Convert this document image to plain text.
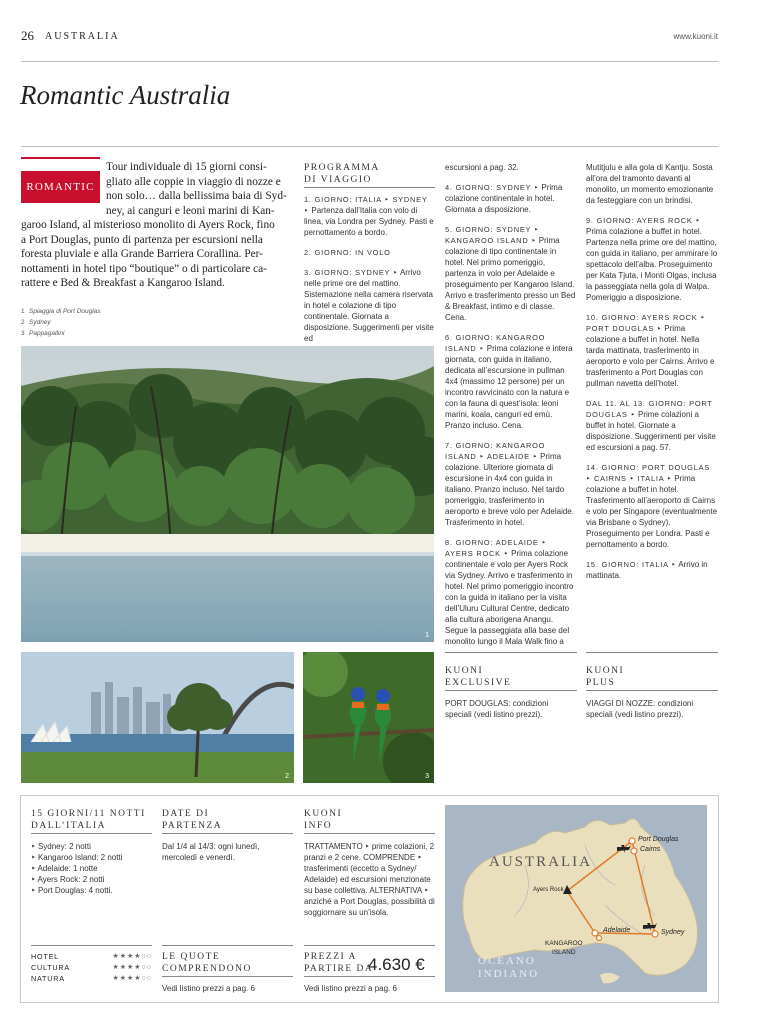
26 AUSTRALIA	www.kuoni.it
Romantic Australia
ROMANTIC
Tour individuale di 15 giorni consi-
gliato alle coppie in viaggio di nozze e
non solo… dalla bellissima baia di Syd-
ney, ai canguri e leoni marini di Kan-
garoo Island, al misterioso monolito di Ayers Rock, fino
a Port Douglas, punto di partenza per escursioni nella
foresta pluviale e alla Grande Barriera Corallina. Per-
nottamenti in hotel tipo “boutique” o di particolare ca-
rattere e Bed & Breakfast a Kangaroo Island.
1 Spiaggia di Port Douglas
2 Sydney
3 Pappagallini
1
2	3
PROGRAMMA
DI VIAGGIO

1. GIORNO: ITALIA ‣ SYDNEY ‣ Partenza dall’Italia con volo di linea, via Londra per Sydney. Pasti e pernottamento a bordo.

2. GIORNO: IN VOLO

3. GIORNO: SYDNEY ‣ Arrivo nelle prime ore del mattino. Sistemazione nella camera riservata in hotel e colazione di tipo continentale. Giornata a disposizione. Suggerimenti per visite ed

escursioni a pag. 32.

4. GIORNO: SYDNEY ‣ Prima colazione continentale in hotel. Giornata a disposizione.

5. GIORNO: SYDNEY ‣ KANGAROO ISLAND ‣ Prima colazione di tipo continentale in hotel. Nel primo pomeriggio, partenza in volo per Adelaide e proseguimento per Kangaroo Island. Arrivo e trasferimento presso un Bed & Breakfast, intimo e di classe. Cena.

6. GIORNO: KANGAROO ISLAND ‣ Prima colazione e intera giornata, con guida in italiano, dedicata all’escursione in pullman 4x4 (massimo 12 persone) per un incontro ravvicinato con la natura e con la fauna di quest’isola: leoni marini, koala, canguri ed emù. Pranzo incluso. Cena.

7. GIORNO: KANGAROO ISLAND ‣ ADELAIDE ‣ Prima colazione. Ulteriore giornata di escursione in 4x4 con guida in italiano. Pranzo incluso. Nel tardo pomeriggio, trasferimento in aeroporto e breve volo per Adelaide. Trasferimento in hotel.

8. GIORNO: ADELAIDE ‣ AYERS ROCK ‣ Prima colazione continentale e volo per Ayers Rock via Sydney. Arrivo e trasferimento in hotel. Nel primo pomeriggio incontro con la guida in italiano per la visita dell’Uluru Cultural Centre, dedicato alla cultura aborigena Anangu. Segue la passeggiata alla base del monolito lungo il Mala Walk fino a

Mutitjulu e alla gola di Kantju. Sosta all’ora del tramonto davanti al monolito, un momento emozionante da festeggiare con un brindisi.

9. GIORNO: AYERS ROCK ‣ Prima colazione a buffet in hotel. Partenza nella prime ore del mattino, con guida in italiano, per ammirare lo spettacolo dell’alba. Proseguimento per Kata Tjuta, i Monti Olgas, inclusa la passeggiata nella gola di Walpa. Pomeriggio a disposizione.

10. GIORNO: AYERS ROCK ‣ PORT DOUGLAS ‣ Prima colazione a buffet in hotel. Nella tarda mattinata, trasferimento in aeroporto e volo per Cairns. Arrivo e trasferimento a Port Douglas con pullman navetta dell’hotel.

DAL 11. AL 13. GIORNO: PORT DOUGLAS ‣ Prime colazioni a buffet in hotel. Giornate a disposizione. Suggerimenti per visite ed escursioni a pag. 57.

14. GIORNO: PORT DOUGLAS ‣ CAIRNS ‣ ITALIA ‣ Prima colazione a buffet in hotel. Trasferimento all’aeroporto di Cairns e volo per Singapore (eventualmente via Brisbane o Sydney). Proseguimento per Londra. Pasti e pernottamento a bordo.

15. GIORNO: ITALIA ‣ Arrivo in mattinata.

KUONI
EXCLUSIVE
PORT DOUGLAS: condizioni speciali (vedi listino prezzi).
KUONI
PLUS
VIAGGI DI NOZZE: condizioni speciali (vedi listino prezzi).
15 GIORNI/11 NOTTI
DALL’ITALIA
‣ Sydney: 2 notti
‣ Kangaroo Island: 2 notti
‣ Adelaide: 1 notte
‣ Ayers Rock: 2 notti
‣ Port Douglas: 4 notti.
DATE DI
PARTENZA
Dal 1/4 al 14/3: ogni lunedì, mercoledì e venerdì.
KUONI
INFO
TRATTAMENTO ‣ prime colazioni, 2 pranzi e 2 cene. COMPRENDE ‣ trasferimenti (eccetto a Sydney/ Adelaide) ed escursioni menzionate su base collettiva. ALTERNATIVA ‣ anziché a Port Douglas, possibilità di soggiornare su un’isola.
HOTEL	★★★★○○
CULTURA	★★★★○○
NATURA	★★★★○○
LE QUOTE
COMPRENDONO
Vedi listino prezzi a pag. 6
PREZZI A
PARTIRE DA
4.630 €
Vedi listino prezzi a pag. 6
AUSTRALIA
OCEANO
INDIANO
Port Douglas
Cairns
Ayers Rock
Adelaide	Sydney
KANGAROO
ISLAND
